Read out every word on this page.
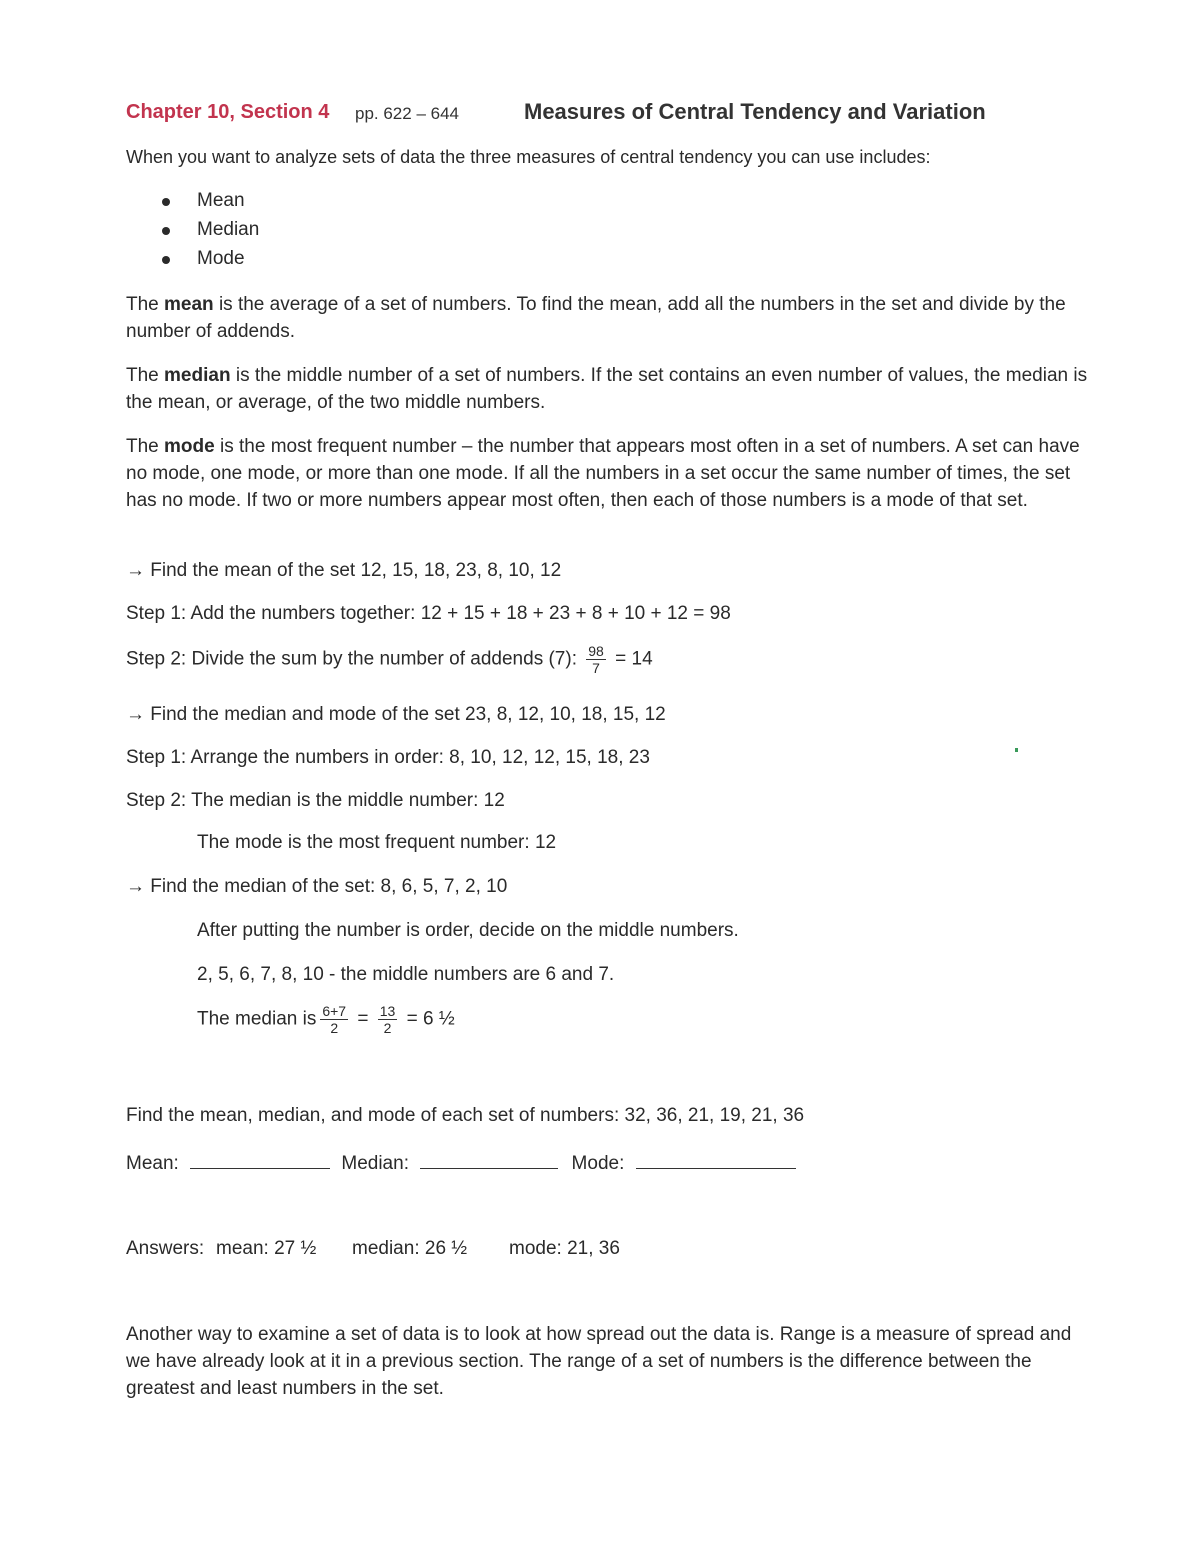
Chapter 10, Section 4 pp. 622 – 644	Measures of Central Tendency and Variation
When you want to analyze sets of data the three measures of central tendency you can use includes:
Mean
Median
Mode
The mean is the average of a set of numbers. To find the mean, add all the numbers in the set and divide by the number of addends.
The median is the middle number of a set of numbers. If the set contains an even number of values, the median is the mean, or average, of the two middle numbers.
The mode is the most frequent number – the number that appears most often in a set of numbers. A set can have no mode, one mode, or more than one mode. If all the numbers in a set occur the same number of times, the set has no mode. If two or more numbers appear most often, then each of those numbers is a mode of that set.
→ Find the mean of the set 12, 15, 18, 23, 8, 10, 12
Step 1: Add the numbers together: 12 + 15 + 18 + 23 + 8 + 10 + 12 = 98
Step 2: Divide the sum by the number of addends (7): $\frac{98}{7} = 14$
→ Find the median and mode of the set 23, 8, 12, 10, 18, 15, 12
Step 1: Arrange the numbers in order: 8, 10, 12, 12, 15, 18, 23
Step 2: The median is the middle number: 12
The mode is the most frequent number: 12
→ Find the median of the set: 8, 6, 5, 7, 2, 10
After putting the number is order, decide on the middle numbers.
2, 5, 6, 7, 8, 10 - the middle numbers are 6 and 7.
The median is $\frac{6+7}{2} = \frac{13}{2} = 6$ ½
Find the mean, median, and mode of each set of numbers: 32, 36, 21, 19, 21, 36
Mean:	Median:	Mode:
Answers: mean: 27 ½ median: 26 ½ mode: 21, 36
Another way to examine a set of data is to look at how spread out the data is. Range is a measure of spread and we have already look at it in a previous section. The range of a set of numbers is the difference between the greatest and least numbers in the set.
